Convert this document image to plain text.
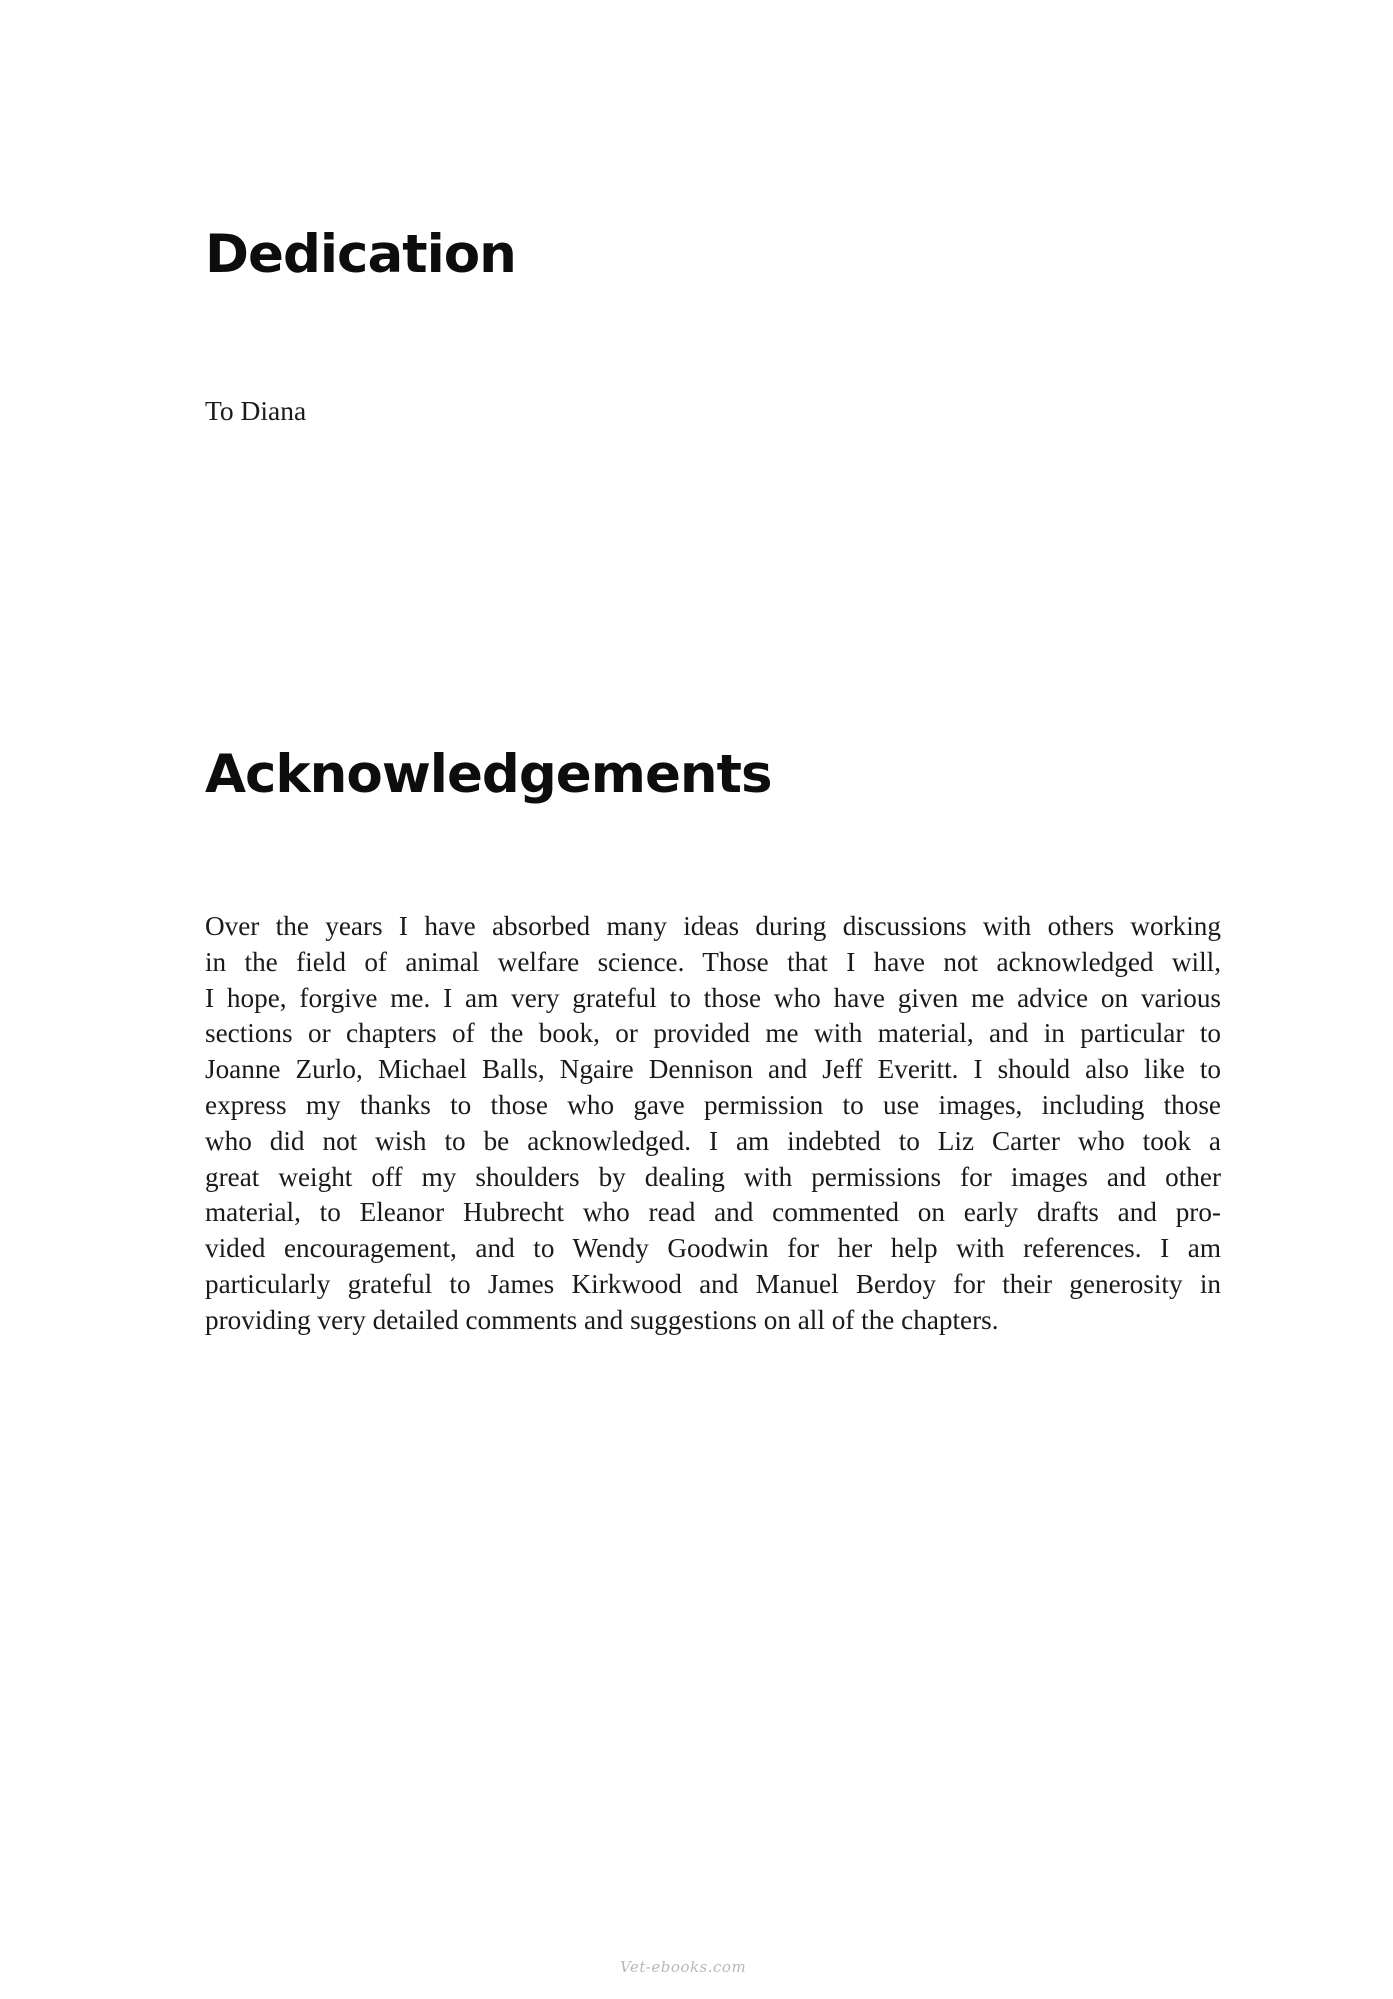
Dedication

To Diana

Acknowledgements
Over the years I have absorbed many ideas during discussions with others working
in the field of animal welfare science. Those that I have not acknowledged will,
I hope, forgive me. I am very grateful to those who have given me advice on various
sections or chapters of the book, or provided me with material, and in particular to
Joanne Zurlo, Michael Balls, Ngaire Dennison and Jeff Everitt. I should also like to
express my thanks to those who gave permission to use images, including those
who did not wish to be acknowledged. I am indebted to Liz Carter who took a
great weight off my shoulders by dealing with permissions for images and other
material, to Eleanor Hubrecht who read and commented on early drafts and pro-
vided encouragement, and to Wendy Goodwin for her help with references. I am
particularly grateful to James Kirkwood and Manuel Berdoy for their generosity in
providing very detailed comments and suggestions on all of the chapters.
Vet-ebooks.com
